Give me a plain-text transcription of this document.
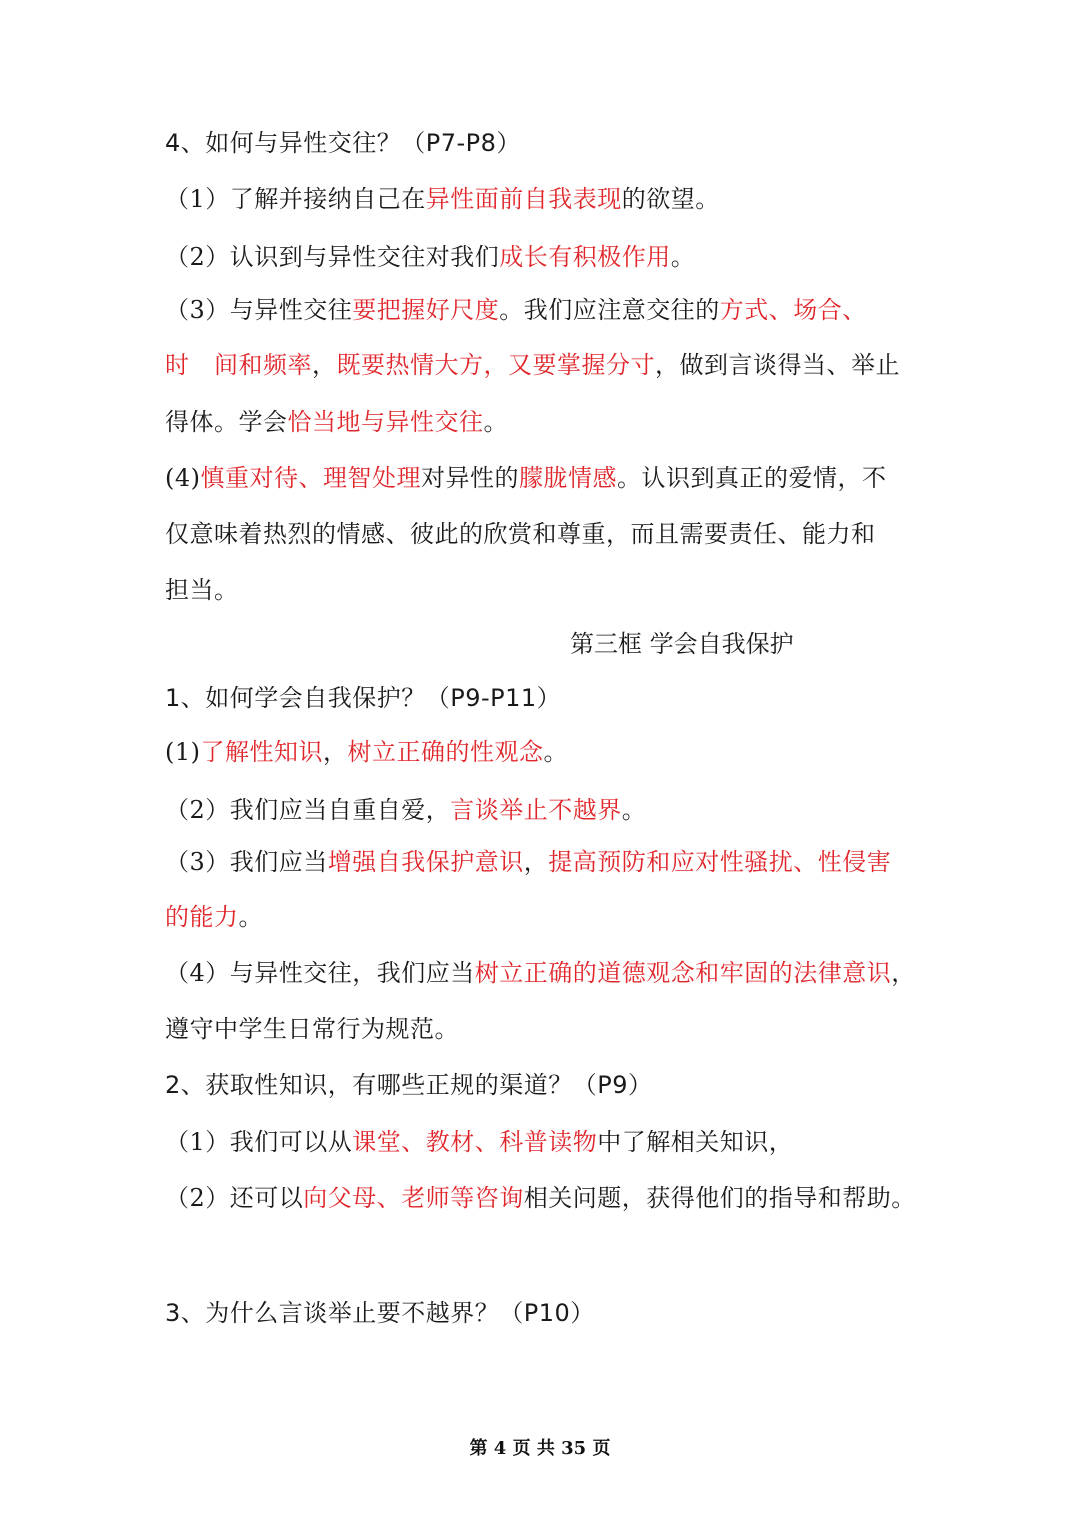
4、如何与异性交往？（P7-P8）
（1）了解并接纳自己在异性面前自我表现的欲望。
（2）认识到与异性交往对我们成长有积极作用。
（3）与异性交往要把握好尺度。我们应注意交往的方式、场合、
时　间和频率，既要热情大方，又要掌握分寸，做到言谈得当、举止
得体。学会恰当地与异性交往。
(4)慎重对待、理智处理对异性的朦胧情感。认识到真正的爱情，不
仅意味着热烈的情感、彼此的欣赏和尊重，而且需要责任、能力和
担当。
1、如何学会自我保护？（P9-P11）
(1)了解性知识，树立正确的性观念。
（2）我们应当自重自爱，言谈举止不越界。
（3）我们应当增强自我保护意识，提高预防和应对性骚扰、性侵害
的能力。
（4）与异性交往，我们应当树立正确的道德观念和牢固的法律意识，
遵守中学生日常行为规范。
2、获取性知识，有哪些正规的渠道？（P9）
（1）我们可以从课堂、教材、科普读物中了解相关知识，
（2）还可以向父母、老师等咨询相关问题，获得他们的指导和帮助。
3、为什么言谈举止要不越界？（P10）
第三框 学会自我保护
第 4 页 共 35 页
